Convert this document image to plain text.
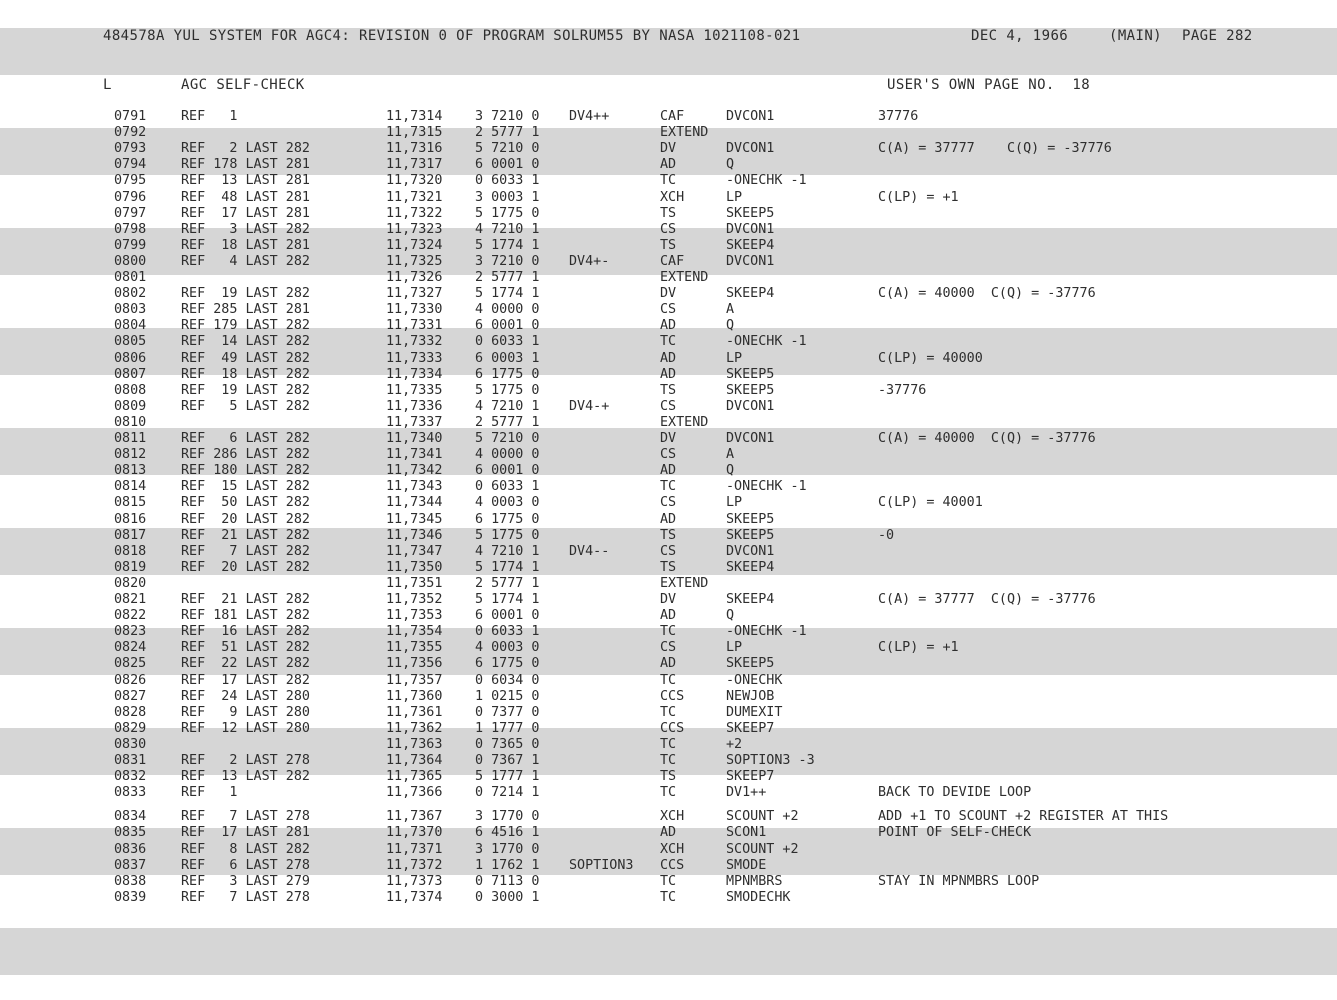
484578A YUL SYSTEM FOR AGC4: REVISION 0 OF PROGRAM SOLRUM55 BY NASA 1021108-021	DEC 4, 1966	(MAIN) PAGE 282
L	AGC SELF-CHECK	USER'S OWN PAGE NO.  18
0791	REF   1	11,7314 3 7210 0 DV4++	CAF	DVCON1	37776
0792	11,7315 2 5777 1	EXTEND
0793	REF   2 LAST 282	11,7316 5 7210 0	DV	DVCON1	C(A) = 37777    C(Q) = -37776
0794	REF 178 LAST 281	11,7317 6 0001 0	AD	Q
0795	REF  13 LAST 281	11,7320 0 6033 1	TC	-ONECHK -1
0796	REF  48 LAST 281	11,7321 3 0003 1	XCH	LP	C(LP) = +1
0797	REF  17 LAST 281	11,7322 5 1775 0	TS	SKEEP5
0798	REF   3 LAST 282	11,7323 4 7210 1	CS	DVCON1
0799	REF  18 LAST 281	11,7324 5 1774 1	TS	SKEEP4
0800	REF   4 LAST 282	11,7325 3 7210 0 DV4+-	CAF	DVCON1
0801	11,7326 2 5777 1	EXTEND
0802	REF  19 LAST 282	11,7327 5 1774 1	DV	SKEEP4	C(A) = 40000  C(Q) = -37776
0803	REF 285 LAST 281	11,7330 4 0000 0	CS	A
0804	REF 179 LAST 282	11,7331 6 0001 0	AD	Q
0805	REF  14 LAST 282	11,7332 0 6033 1	TC	-ONECHK -1
0806	REF  49 LAST 282	11,7333 6 0003 1	AD	LP	C(LP) = 40000
0807	REF  18 LAST 282	11,7334 6 1775 0	AD	SKEEP5
0808	REF  19 LAST 282	11,7335 5 1775 0	TS	SKEEP5	-37776
0809	REF   5 LAST 282	11,7336 4 7210 1 DV4-+	CS	DVCON1
0810	11,7337 2 5777 1	EXTEND
0811	REF   6 LAST 282	11,7340 5 7210 0	DV	DVCON1	C(A) = 40000  C(Q) = -37776
0812	REF 286 LAST 282	11,7341 4 0000 0	CS	A
0813	REF 180 LAST 282	11,7342 6 0001 0	AD	Q
0814	REF  15 LAST 282	11,7343 0 6033 1	TC	-ONECHK -1
0815	REF  50 LAST 282	11,7344 4 0003 0	CS	LP	C(LP) = 40001
0816	REF  20 LAST 282	11,7345 6 1775 0	AD	SKEEP5
0817	REF  21 LAST 282	11,7346 5 1775 0	TS	SKEEP5	-0
0818	REF   7 LAST 282	11,7347 4 7210 1 DV4--	CS	DVCON1
0819	REF  20 LAST 282	11,7350 5 1774 1	TS	SKEEP4
0820	11,7351 2 5777 1	EXTEND
0821	REF  21 LAST 282	11,7352 5 1774 1	DV	SKEEP4	C(A) = 37777  C(Q) = -37776
0822	REF 181 LAST 282	11,7353 6 0001 0	AD	Q
0823	REF  16 LAST 282	11,7354 0 6033 1	TC	-ONECHK -1
0824	REF  51 LAST 282	11,7355 4 0003 0	CS	LP	C(LP) = +1
0825	REF  22 LAST 282	11,7356 6 1775 0	AD	SKEEP5
0826	REF  17 LAST 282	11,7357 0 6034 0	TC	-ONECHK
0827	REF  24 LAST 280	11,7360 1 0215 0	CCS	NEWJOB
0828	REF   9 LAST 280	11,7361 0 7377 0	TC	DUMEXIT
0829	REF  12 LAST 280	11,7362 1 1777 0	CCS	SKEEP7
0830	11,7363 0 7365 0	TC	+2
0831	REF   2 LAST 278	11,7364 0 7367 1	TC	SOPTION3 -3
0832	REF  13 LAST 282	11,7365 5 1777 1	TS	SKEEP7
0833	REF   1	11,7366 0 7214 1	TC	DV1++	BACK TO DEVIDE LOOP
0834	REF   7 LAST 278	11,7367 3 1770 0	XCH	SCOUNT +2	ADD +1 TO SCOUNT +2 REGISTER AT THIS
0835	REF  17 LAST 281	11,7370 6 4516 1	AD	SCON1	POINT OF SELF-CHECK
0836	REF   8 LAST 282	11,7371 3 1770 0	XCH	SCOUNT +2
0837	REF   6 LAST 278	11,7372 1 1762 1 SOPTION3 CCS	SMODE
0838	REF   3 LAST 279	11,7373 0 7113 0	TC	MPNMBRS	STAY IN MPNMBRS LOOP
0839	REF   7 LAST 278	11,7374 0 3000 1	TC	SMODECHK
